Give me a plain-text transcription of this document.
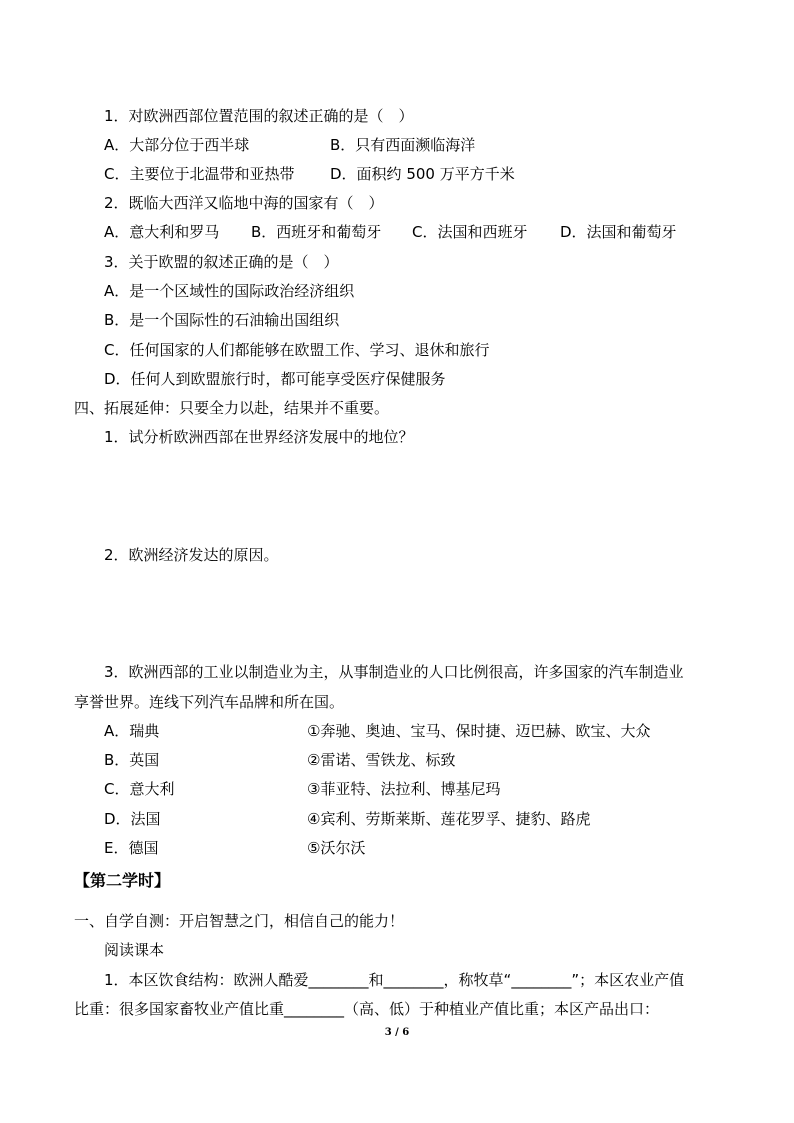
1．对欧洲西部位置范围的叙述正确的是（　）
A．大部分位于西半球	B．只有西面濒临海洋
C．主要位于北温带和亚热带 D．面积约 500 万平方千米
2．既临大西洋又临地中海的国家有（　）
A．意大利和罗马 B．西班牙和葡萄牙 C．法国和西班牙 D．法国和葡萄牙
3．关于欧盟的叙述正确的是（　）
A．是一个区域性的国际政治经济组织
B．是一个国际性的石油输出国组织
C．任何国家的人们都能够在欧盟工作、学习、退休和旅行
D．任何人到欧盟旅行时，都可能享受医疗保健服务
四、拓展延伸：只要全力以赴，结果并不重要。
1．试分析欧洲西部在世界经济发展中的地位？
2．欧洲经济发达的原因。
3．欧洲西部的工业以制造业为主，从事制造业的人口比例很高，许多国家的汽车制造业
享誉世界。连线下列汽车品牌和所在国。
A．瑞典	①奔驰、奥迪、宝马、保时捷、迈巴赫、欧宝、大众
B．英国	②雷诺、雪铁龙、标致
C．意大利	③菲亚特、法拉利、博基尼玛
D．法国	④宾利、劳斯莱斯、莲花罗孚、捷豹、路虎
E．德国	⑤沃尔沃
【第二学时】
一、自学自测：开启智慧之门，相信自己的能力！
阅读课本
1．本区饮食结构：欧洲人酷爱________和________，称牧草“________”；本区农业产值
比重：很多国家畜牧业产值比重________（高、低）于种植业产值比重；本区产品出口：
3 / 6
